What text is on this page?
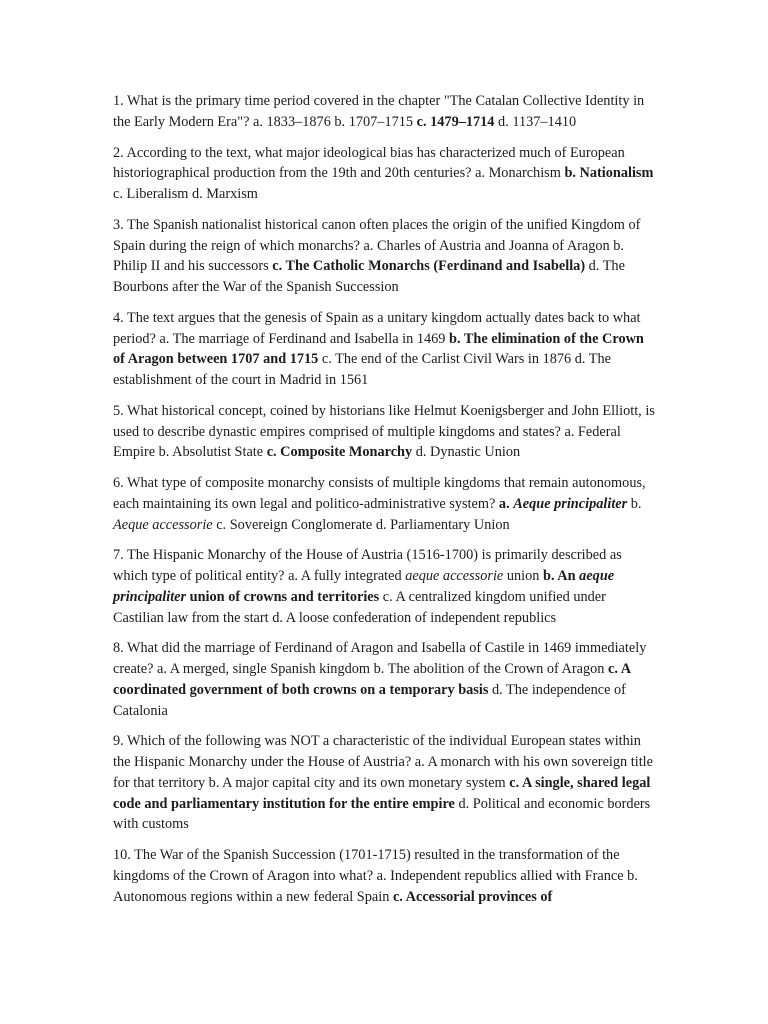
1. What is the primary time period covered in the chapter "The Catalan Collective Identity in the Early Modern Era"? a. 1833–1876 b. 1707–1715 c. 1479–1714 d. 1137–1410

2. According to the text, what major ideological bias has characterized much of European historiographical production from the 19th and 20th centuries? a. Monarchism b. Nationalism c. Liberalism d. Marxism

3. The Spanish nationalist historical canon often places the origin of the unified Kingdom of Spain during the reign of which monarchs? a. Charles of Austria and Joanna of Aragon b. Philip II and his successors c. The Catholic Monarchs (Ferdinand and Isabella) d. The Bourbons after the War of the Spanish Succession

4. The text argues that the genesis of Spain as a unitary kingdom actually dates back to what period? a. The marriage of Ferdinand and Isabella in 1469 b. The elimination of the Crown of Aragon between 1707 and 1715 c. The end of the Carlist Civil Wars in 1876 d. The establishment of the court in Madrid in 1561

5. What historical concept, coined by historians like Helmut Koenigsberger and John Elliott, is used to describe dynastic empires comprised of multiple kingdoms and states? a. Federal Empire b. Absolutist State c. Composite Monarchy d. Dynastic Union

6. What type of composite monarchy consists of multiple kingdoms that remain autonomous, each maintaining its own legal and politico-administrative system? a. Aeque principaliter b. Aeque accessorie c. Sovereign Conglomerate d. Parliamentary Union

7. The Hispanic Monarchy of the House of Austria (1516-1700) is primarily described as which type of political entity? a. A fully integrated aeque accessorie union b. An aeque principaliter union of crowns and territories c. A centralized kingdom unified under Castilian law from the start d. A loose confederation of independent republics

8. What did the marriage of Ferdinand of Aragon and Isabella of Castile in 1469 immediately create? a. A merged, single Spanish kingdom b. The abolition of the Crown of Aragon c. A coordinated government of both crowns on a temporary basis d. The independence of Catalonia

9. Which of the following was NOT a characteristic of the individual European states within the Hispanic Monarchy under the House of Austria? a. A monarch with his own sovereign title for that territory b. A major capital city and its own monetary system c. A single, shared legal code and parliamentary institution for the entire empire d. Political and economic borders with customs

10. The War of the Spanish Succession (1701-1715) resulted in the transformation of the kingdoms of the Crown of Aragon into what? a. Independent republics allied with France b. Autonomous regions within a new federal Spain c. Accessorial provinces of
